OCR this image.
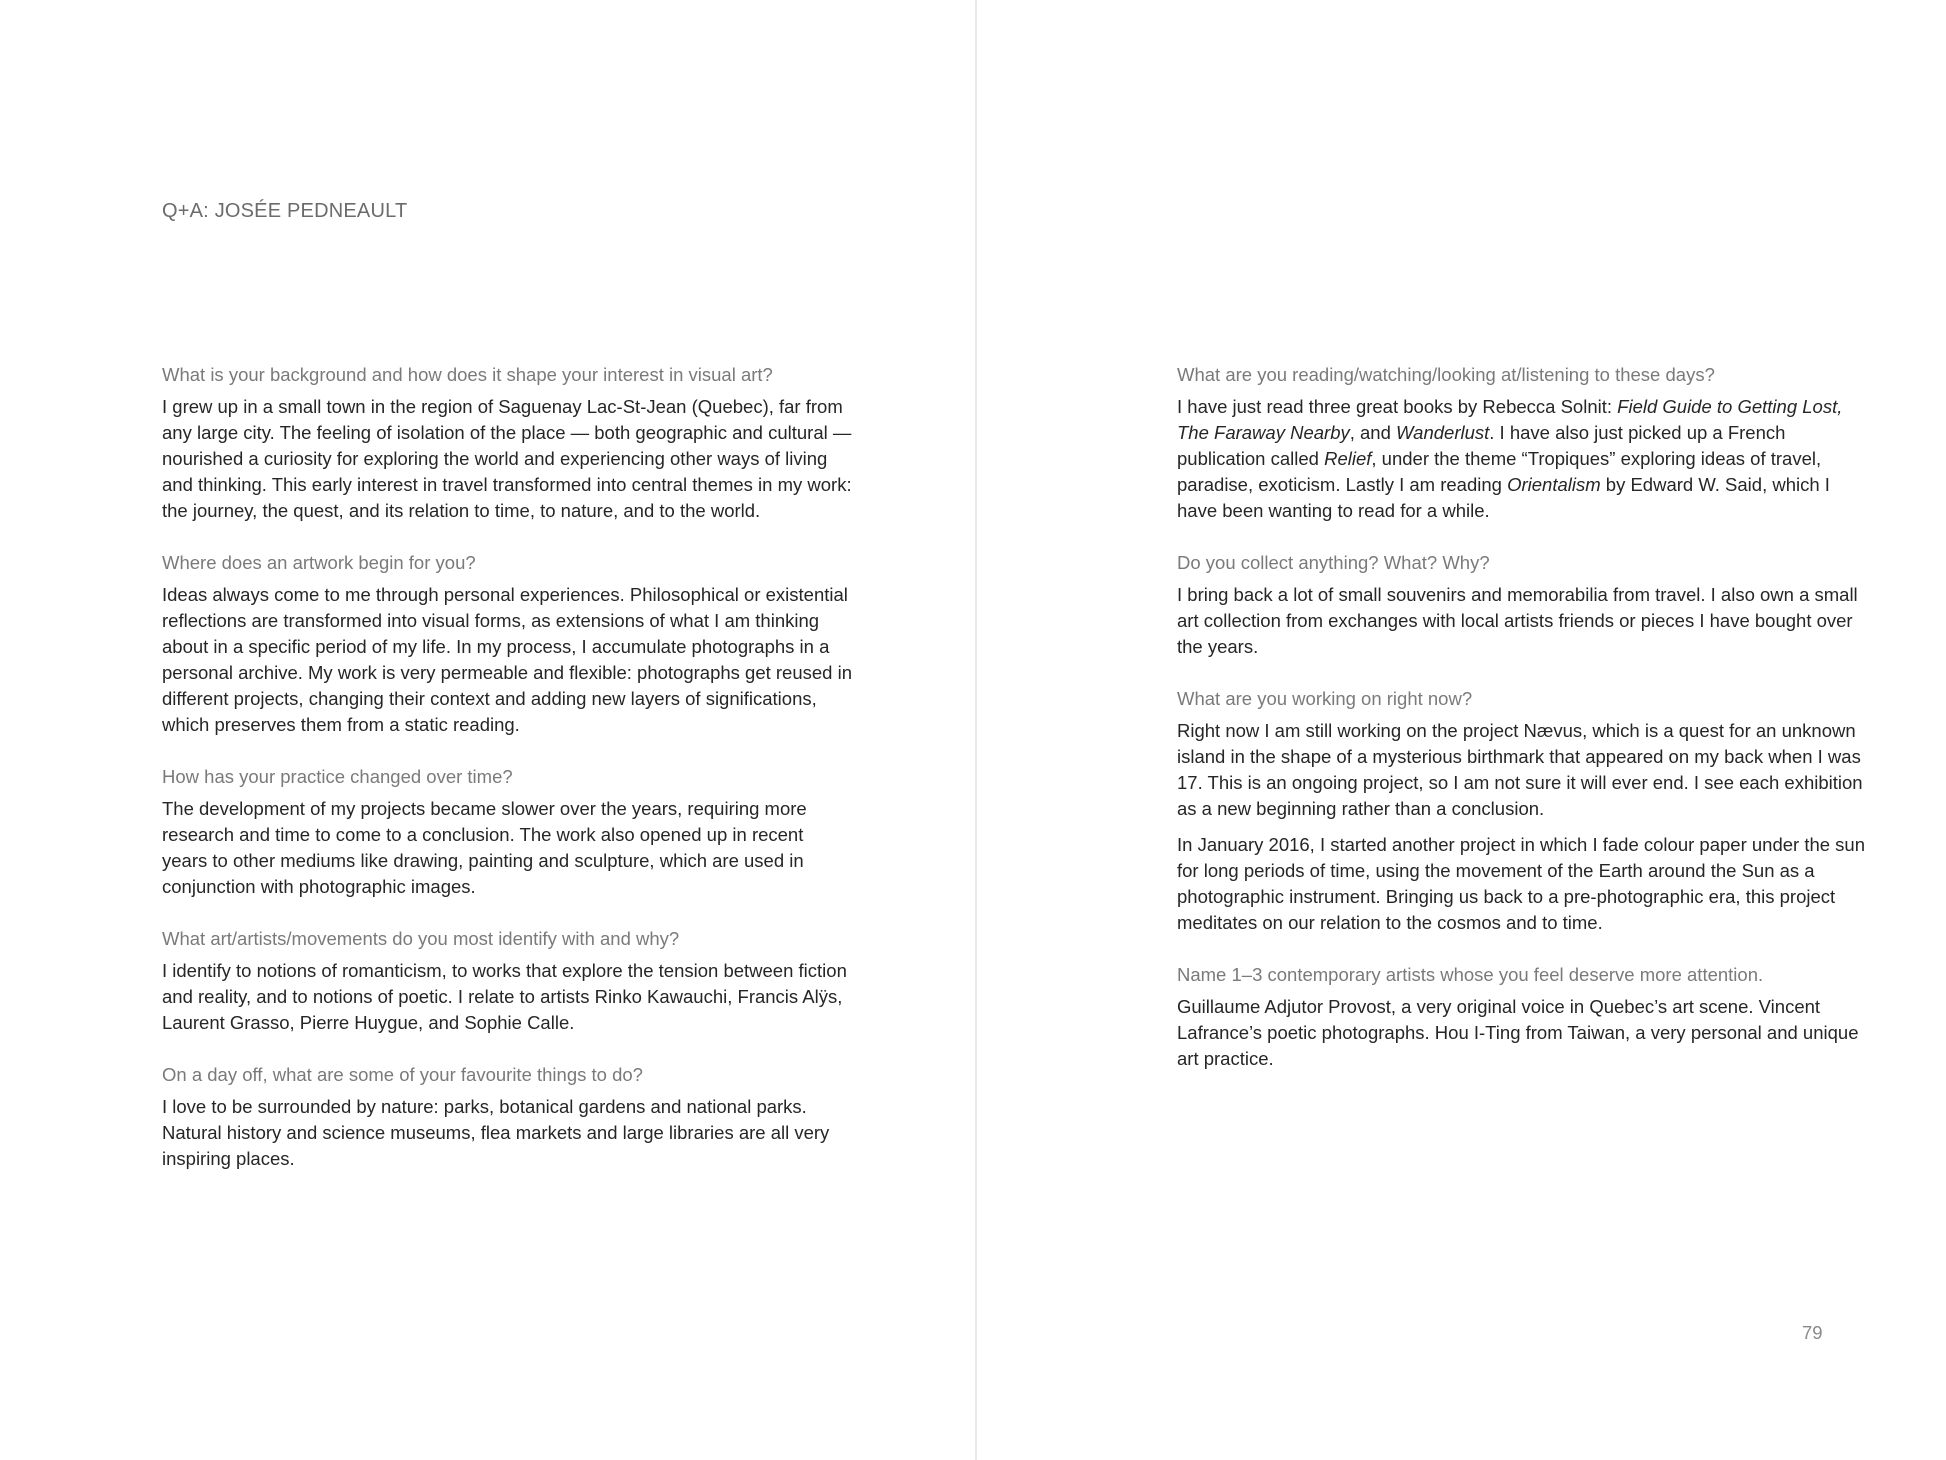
Q+A: JOSÉE PEDNEAULT

What is your background and how does it shape your interest in visual art?

I grew up in a small town in the region of Saguenay Lac-St-Jean (Quebec), far from any large city. The feeling of isolation of the place — both geographic and cultural — nourished a curiosity for exploring the world and experiencing other ways of living and thinking. This early interest in travel transformed into central themes in my work: the journey, the quest, and its relation to time, to nature, and to the world.

Where does an artwork begin for you?

Ideas always come to me through personal experiences. Philosophical or existential reflections are transformed into visual forms, as extensions of what I am thinking about in a specific period of my life. In my process, I accumulate photographs in a personal archive. My work is very permeable and flexible: photographs get reused in different projects, changing their context and adding new layers of significations, which preserves them from a static reading.

How has your practice changed over time?

The development of my projects became slower over the years, requiring more research and time to come to a conclusion. The work also opened up in recent years to other mediums like drawing, painting and sculpture, which are used in conjunction with photographic images.

What art/artists/movements do you most identify with and why?

I identify to notions of romanticism, to works that explore the tension between fiction and reality, and to notions of poetic. I relate to artists Rinko Kawauchi, Francis Alÿs, Laurent Grasso, Pierre Huygue, and Sophie Calle.

On a day off, what are some of your favourite things to do?

I love to be surrounded by nature: parks, botanical gardens and national parks. Natural history and science museums, flea markets and large libraries are all very inspiring places.

What are you reading/watching/looking at/listening to these days?

I have just read three great books by Rebecca Solnit: Field Guide to Getting Lost, The Faraway Nearby, and Wanderlust. I have also just picked up a French publication called Relief, under the theme “Tropiques” exploring ideas of travel, paradise, exoticism. Lastly I am reading Orientalism by Edward W. Said, which I have been wanting to read for a while.

Do you collect anything? What? Why?

I bring back a lot of small souvenirs and memorabilia from travel. I also own a small art collection from exchanges with local artists friends or pieces I have bought over the years.

What are you working on right now?

Right now I am still working on the project Nævus, which is a quest for an unknown island in the shape of a mysterious birthmark that appeared on my back when I was 17. This is an ongoing project, so I am not sure it will ever end. I see each exhibition as a new beginning rather than a conclusion.

In January 2016, I started another project in which I fade colour paper under the sun for long periods of time, using the movement of the Earth around the Sun as a photographic instrument. Bringing us back to a pre-photographic era, this project meditates on our relation to the cosmos and to time.

Name 1–3 contemporary artists whose you feel deserve more attention.

Guillaume Adjutor Provost, a very original voice in Quebec’s art scene. Vincent Lafrance’s poetic photographs. Hou I-Ting from Taiwan, a very personal and unique art practice.

79
